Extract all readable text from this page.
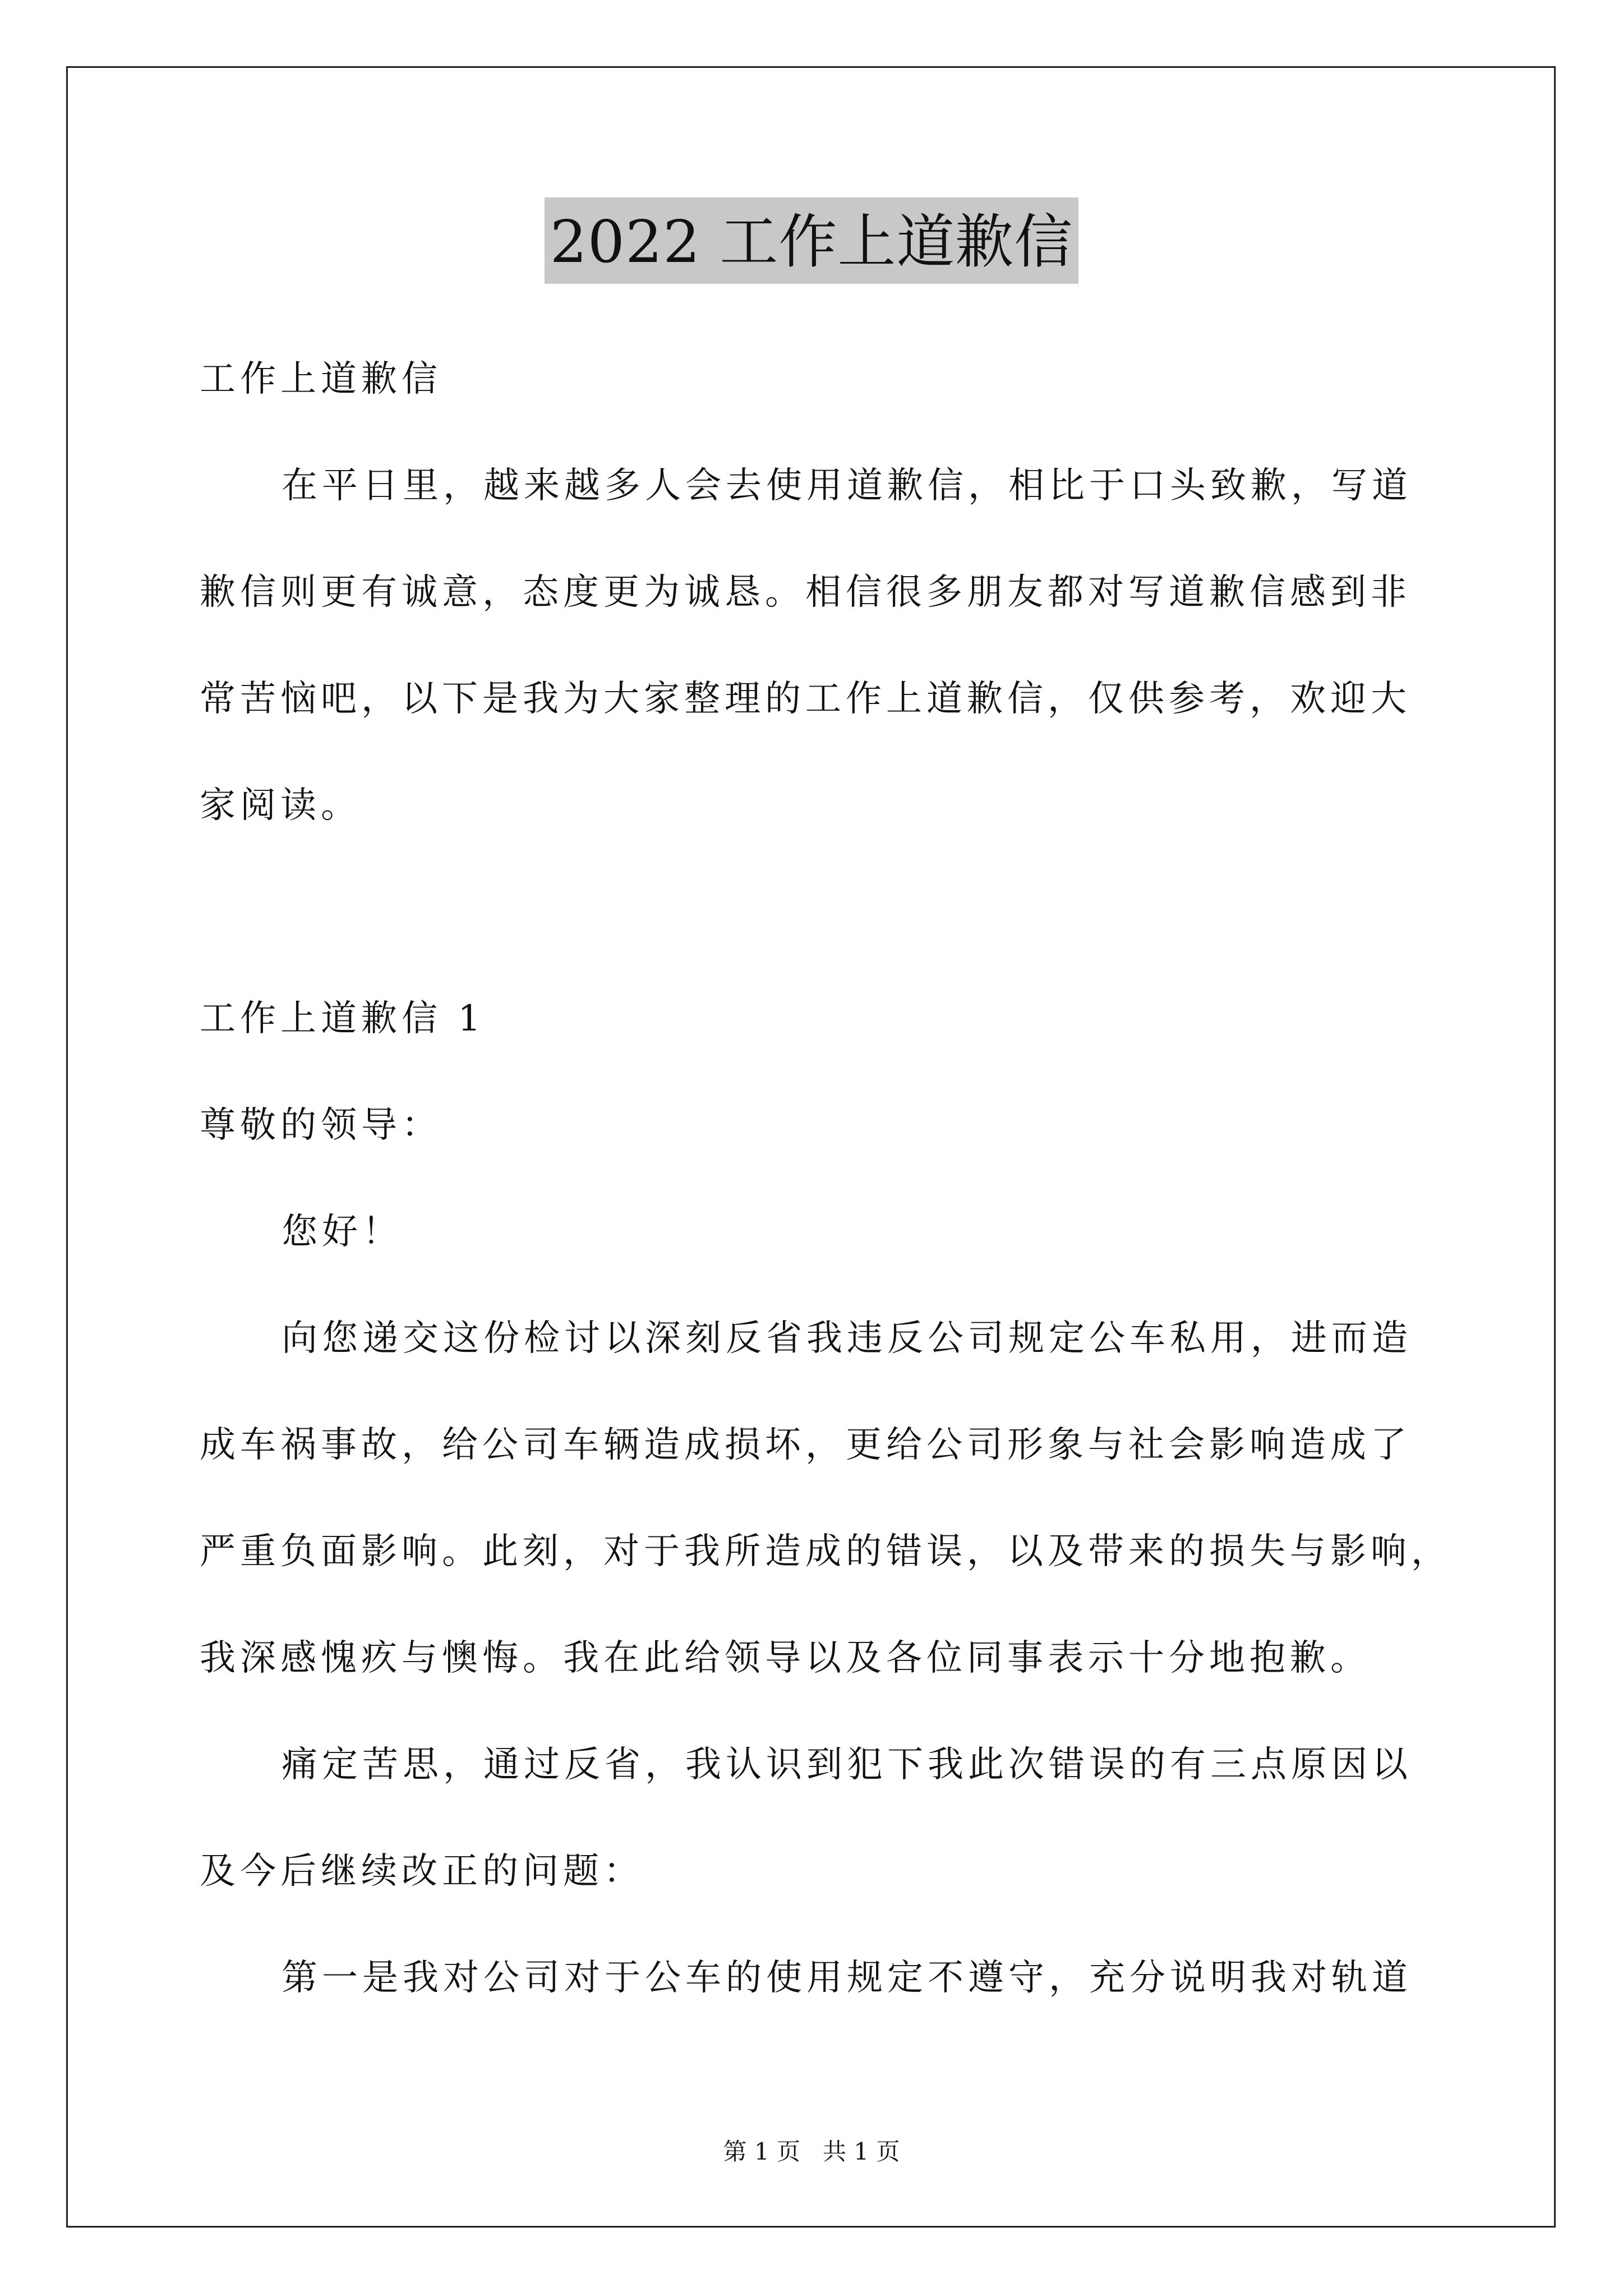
2022 工作上道歉信
工作上道歉信
在平日里，越来越多人会去使用道歉信，相比于口头致歉，写道
歉信则更有诚意，态度更为诚恳。相信很多朋友都对写道歉信感到非
常苦恼吧，以下是我为大家整理的工作上道歉信，仅供参考，欢迎大
家阅读。
工作上道歉信 1
尊敬的领导：
您好！
向您递交这份检讨以深刻反省我违反公司规定公车私用，进而造
成车祸事故，给公司车辆造成损坏，更给公司形象与社会影响造成了
严重负面影响。此刻，对于我所造成的错误，以及带来的损失与影响，
我深感愧疚与懊悔。我在此给领导以及各位同事表示十分地抱歉。
痛定苦思，通过反省，我认识到犯下我此次错误的有三点原因以
及今后继续改正的问题：
第一是我对公司对于公车的使用规定不遵守，充分说明我对轨道
第 1 页   共 1 页
